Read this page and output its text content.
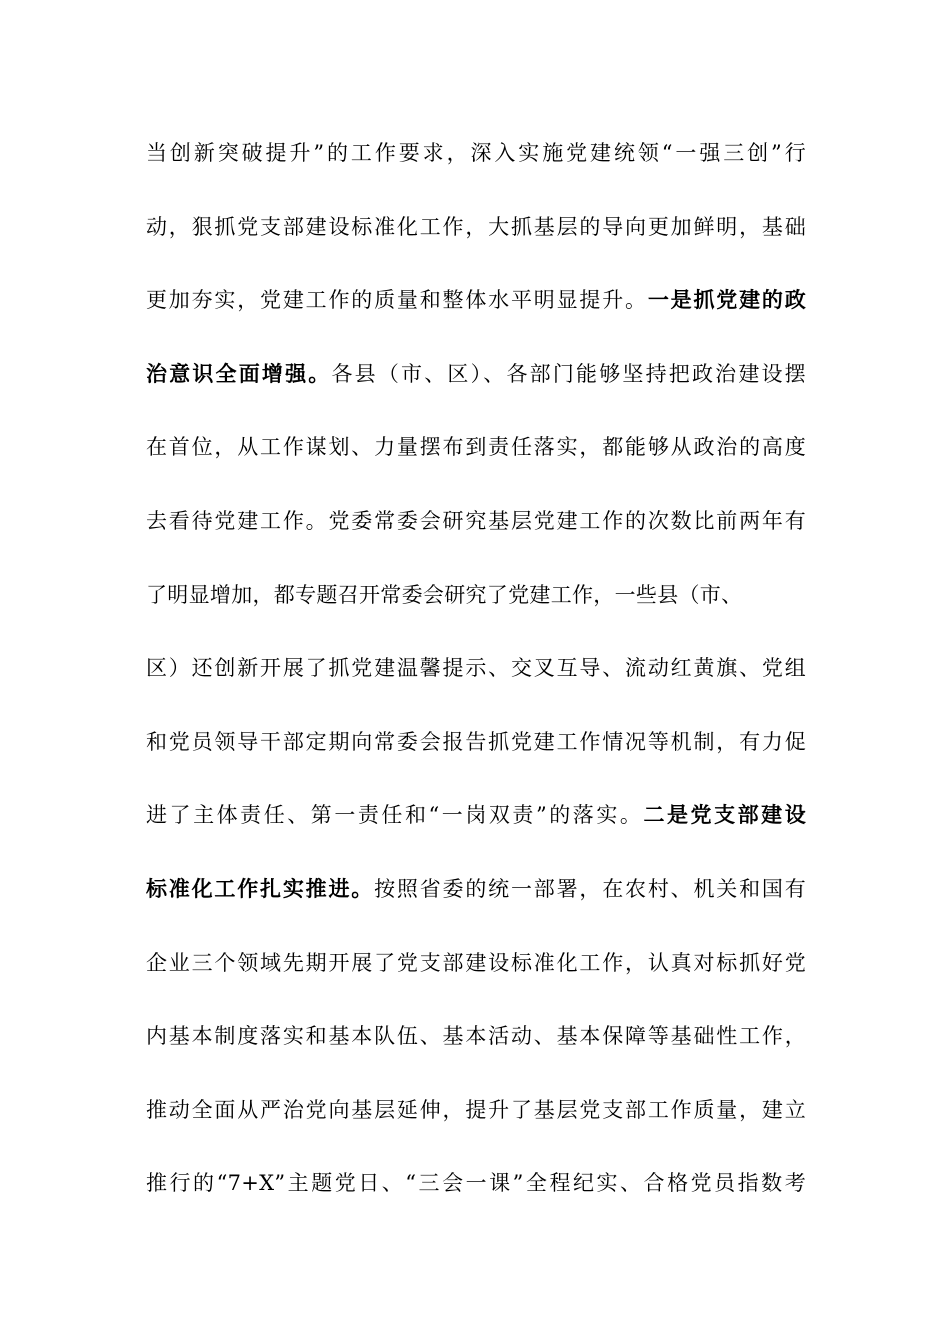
当创新突破提升”的工作要求，深入实施党建统领“一强三创”行
动，狠抓党支部建设标准化工作，大抓基层的导向更加鲜明，基础
更加夯实，党建工作的质量和整体水平明显提升。一是抓党建的政
治意识全面增强。各县（市、区）、各部门能够坚持把政治建设摆
在首位，从工作谋划、力量摆布到责任落实，都能够从政治的高度
去看待党建工作。党委常委会研究基层党建工作的次数比前两年有
了明显增加，都专题召开常委会研究了党建工作，一些县（市、
区）还创新开展了抓党建温馨提示、交叉互导、流动红黄旗、党组
和党员领导干部定期向常委会报告抓党建工作情况等机制，有力促
进了主体责任、第一责任和“一岗双责”的落实。二是党支部建设
标准化工作扎实推进。按照省委的统一部署，在农村、机关和国有
企业三个领域先期开展了党支部建设标准化工作，认真对标抓好党
内基本制度落实和基本队伍、基本活动、基本保障等基础性工作，
推动全面从严治党向基层延伸，提升了基层党支部工作质量，建立
推行的“7+X”主题党日、“三会一课”全程纪实、合格党员指数考
